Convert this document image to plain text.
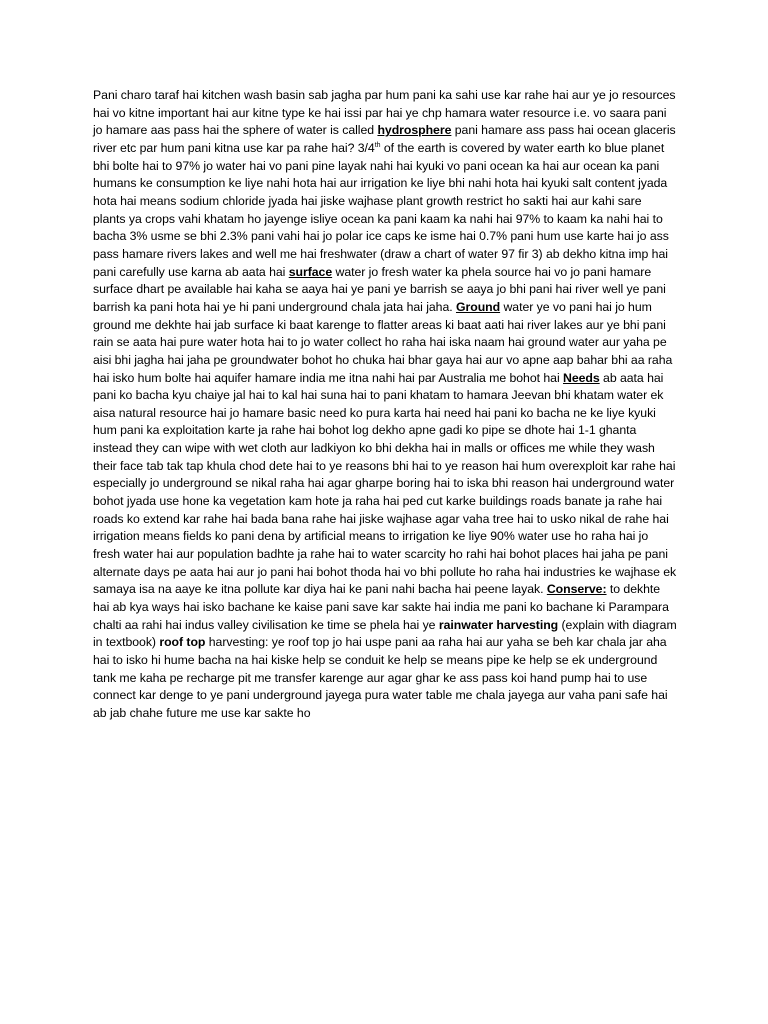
Pani charo taraf hai kitchen wash basin sab jagha par hum pani ka sahi use kar rahe hai aur ye jo resources hai vo kitne important hai aur kitne type ke hai issi par hai ye chp hamara water resource i.e. vo saara pani jo hamare aas pass hai the sphere of water is called hydrosphere pani hamare ass pass hai ocean glaceris river etc par hum pani kitna use kar pa rahe hai? 3/4th of the earth is covered by water earth ko blue planet bhi bolte hai to 97% jo water hai vo pani pine layak nahi hai kyuki vo pani ocean ka hai aur ocean ka pani humans ke consumption ke liye nahi hota hai aur irrigation ke liye bhi nahi hota hai kyuki salt content jyada hota hai means sodium chloride jyada hai jiske wajhase plant growth restrict ho sakti hai aur kahi sare plants ya crops vahi khatam ho jayenge isliye ocean ka pani kaam ka nahi hai 97% to kaam ka nahi hai to bacha 3% usme se bhi 2.3% pani vahi hai jo polar ice caps ke isme hai 0.7% pani hum use karte hai jo ass pass hamare rivers lakes and well me hai freshwater (draw a chart of water 97 fir 3) ab dekho kitna imp hai pani carefully use karna ab aata hai surface water jo fresh water ka phela source hai vo jo pani hamare surface dhart pe available hai kaha se aaya hai ye pani ye barrish se aaya jo bhi pani hai river well ye pani barrish ka pani hota hai ye hi pani underground chala jata hai jaha. Ground water ye vo pani hai jo hum ground me dekhte hai jab surface ki baat karenge to flatter areas ki baat aati hai river lakes aur ye bhi pani rain se aata hai pure water hota hai to jo water collect ho raha hai iska naam hai ground water aur yaha pe aisi bhi jagha hai jaha pe groundwater bohot ho chuka hai bhar gaya hai aur vo apne aap bahar bhi aa raha hai isko hum bolte hai aquifer hamare india me itna nahi hai par Australia me bohot hai Needs ab aata hai pani ko bacha kyu chaiye jal hai to kal hai suna hai to pani khatam to hamara Jeevan bhi khatam water ek aisa natural resource hai jo hamare basic need ko pura karta hai need hai pani ko bacha ne ke liye kyuki hum pani ka exploitation karte ja rahe hai bohot log dekho apne gadi ko pipe se dhote hai 1-1 ghanta instead they can wipe with wet cloth aur ladkiyon ko bhi dekha hai in malls or offices me while they wash their face tab tak tap khula chod dete hai to ye reasons bhi hai to ye reason hai hum overexploit kar rahe hai especially jo underground se nikal raha hai agar gharpe boring hai to iska bhi reason hai underground water bohot jyada use hone ka vegetation kam hote ja raha hai ped cut karke buildings roads banate ja rahe hai roads ko extend kar rahe hai bada bana rahe hai jiske wajhase agar vaha tree hai to usko nikal de rahe hai irrigation means fields ko pani dena by artificial means to irrigation ke liye 90% water use ho raha hai jo fresh water hai aur population badhte ja rahe hai to water scarcity ho rahi hai bohot places hai jaha pe pani alternate days pe aata hai aur jo pani hai bohot thoda hai vo bhi pollute ho raha hai industries ke wajhase ek samaya isa na aaye ke itna pollute kar diya hai ke pani nahi bacha hai peene layak. Conserve: to dekhte hai ab kya ways hai isko bachane ke kaise pani save kar sakte hai india me pani ko bachane ki Parampara chalti aa rahi hai indus valley civilisation ke time se phela hai ye rainwater harvesting (explain with diagram in textbook) roof top harvesting: ye roof top jo hai uspe pani aa raha hai aur yaha se beh kar chala jar aha hai to isko hi hume bacha na hai kiske help se conduit ke help se means pipe ke help se ek underground tank me kaha pe recharge pit me transfer karenge aur agar ghar ke ass pass koi hand pump hai to use connect kar denge to ye pani underground jayega pura water table me chala jayega aur vaha pani safe hai ab jab chahe future me use kar sakte ho
